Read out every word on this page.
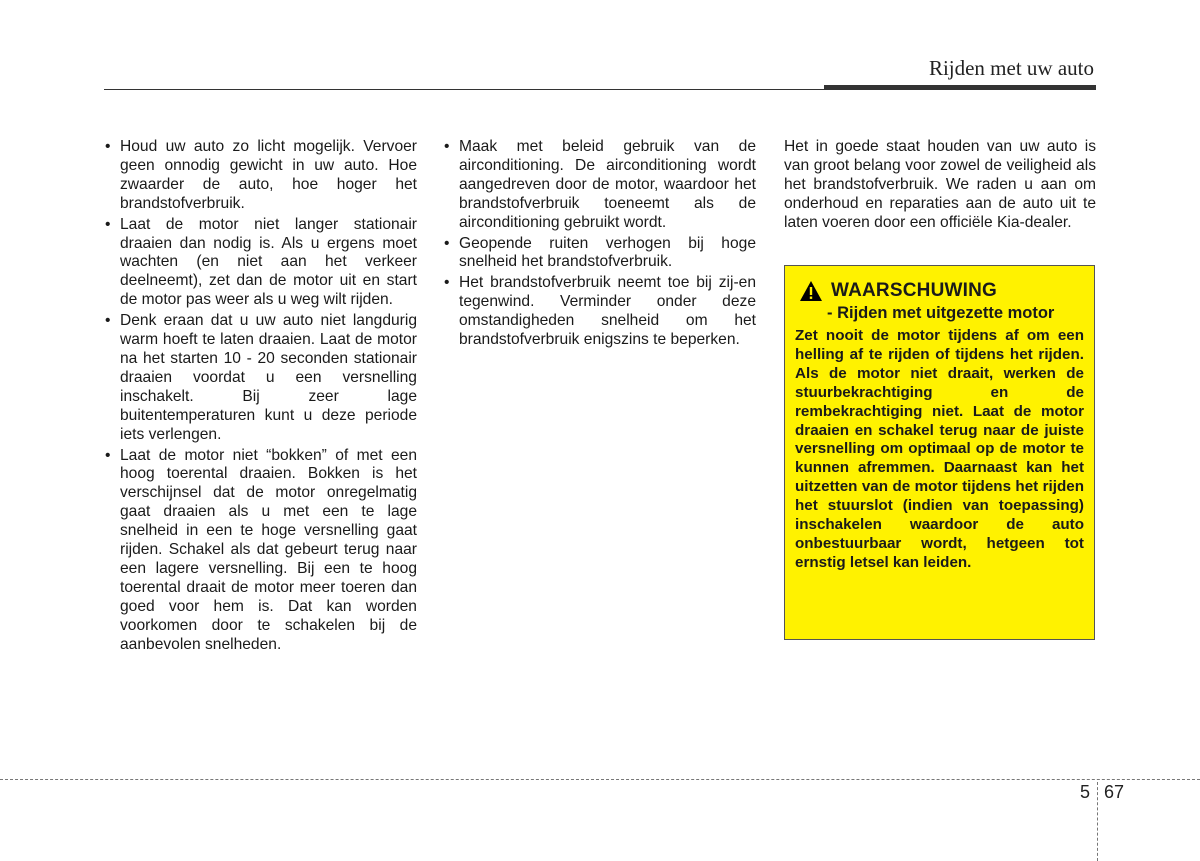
Rijden met uw auto
• Houd uw auto zo licht mogelijk. Vervoer geen onnodig gewicht in uw auto. Hoe zwaarder de auto, hoe hoger het brandstofverbruik.
• Laat de motor niet langer stationair draaien dan nodig is. Als u ergens moet wachten (en niet aan het verkeer deelneemt), zet dan de motor uit en start de motor pas weer als u weg wilt rijden.
• Denk eraan dat u uw auto niet langdurig warm hoeft te laten draaien. Laat de motor na het starten 10 - 20 seconden stationair draaien voordat u een versnelling inschakelt. Bij zeer lage buitentemperaturen kunt u deze periode iets verlengen.
• Laat de motor niet “bokken” of met een hoog toerental draaien. Bokken is het verschijnsel dat de motor onregelmatig gaat draaien als u met een te lage snelheid in een te hoge versnelling gaat rijden. Schakel als dat gebeurt terug naar een lagere versnelling. Bij een te hoog toerental draait de motor meer toeren dan goed voor hem is. Dat kan worden voorkomen door te schakelen bij de aanbevolen snelheden.
• Maak met beleid gebruik van de airconditioning. De airconditioning wordt aangedreven door de motor, waardoor het brandstofverbruik toeneemt als de airconditioning gebruikt wordt.
• Geopende ruiten verhogen bij hoge snelheid het brandstofverbruik.
• Het brandstofverbruik neemt toe bij zij-en tegenwind. Verminder onder deze omstandigheden snelheid om het brandstofverbruik enigszins te beperken.

Het in goede staat houden van uw auto is van groot belang voor zowel de veiligheid als het brandstofverbruik. We raden u aan om onderhoud en reparaties aan de auto uit te laten voeren door een officiële Kia-dealer.

WAARSCHUWING
- Rijden met uitgezette motor

Zet nooit de motor tijdens af om een helling af te rijden of tijdens het rijden. Als de motor niet draait, werken de stuurbekrachtiging en de rembekrachtiging niet. Laat de motor draaien en schakel terug naar de juiste versnelling om optimaal op de motor te kunnen afremmen. Daarnaast kan het uitzetten van de motor tijdens het rijden het stuurslot (indien van toepassing) inschakelen waardoor de auto onbestuurbaar wordt, hetgeen tot ernstig letsel kan leiden.

5 67
